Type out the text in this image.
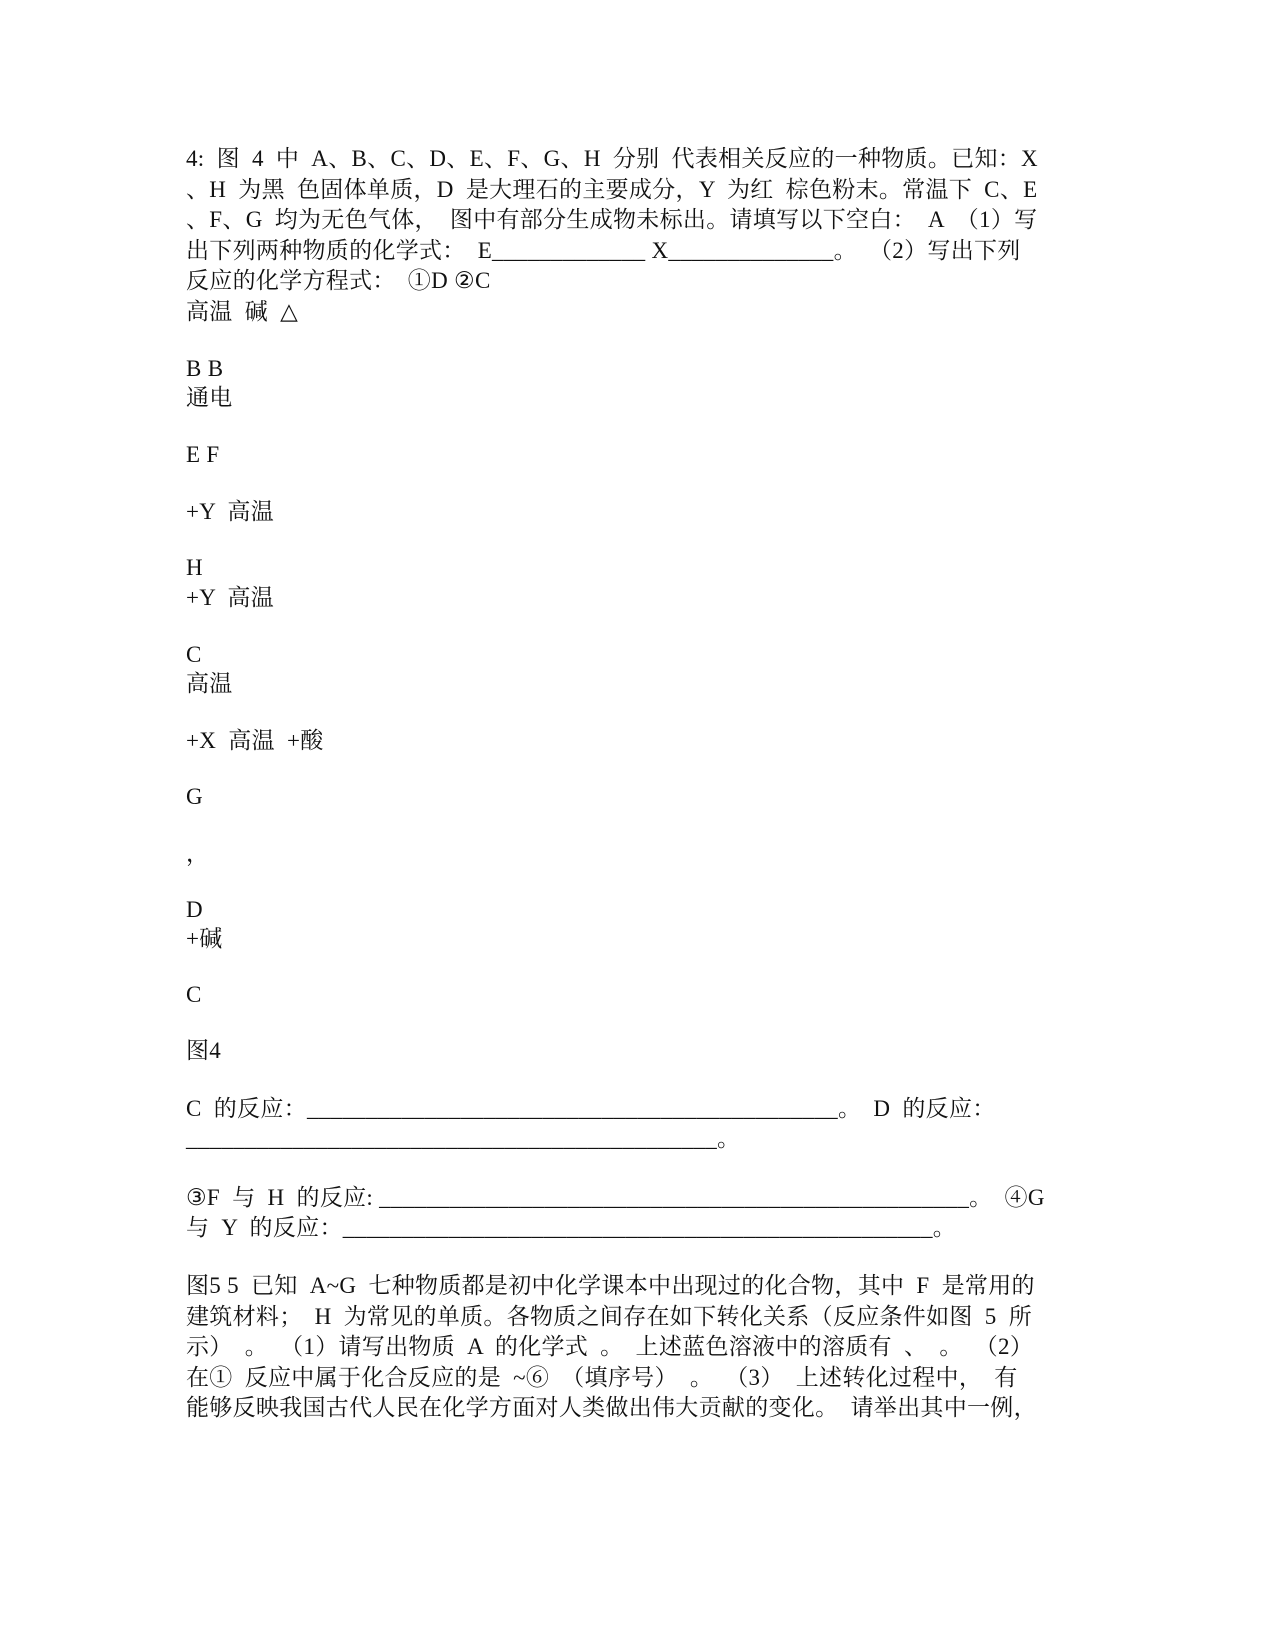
4:  图  4  中  A、B、C、D、E、F、G、H  分别  代表相关反应的一种物质。已知：X
、H  为黑  色固体单质，D  是大理石的主要成分，Y  为红  棕色粉末。常温下  C、E
、F、G  均为无色气体，  图中有部分生成物未标出。请填写以下空白：  A  （1）写
出下列两种物质的化学式：  E_____________ X______________。  （2）写出下列
反应的化学方程式：  ①D ②C
高温  碱  △
B B
通电
E F
+Y  高温
H
+Y  高温
C
高温
+X  高温  +酸
G
，
D
+碱
C
图4
C  的反应：_____________________________________________。  D  的反应：
_____________________________________________。
③F  与  H  的反应: __________________________________________________。  ④G
与  Y  的反应：__________________________________________________。
图5 5  已知  A~G  七种物质都是初中化学课本中出现过的化合物，其中  F  是常用的
建筑材料；  H  为常见的单质。各物质之间存在如下转化关系（反应条件如图  5  所
示）  。  （1）请写出物质  A  的化学式  。  上述蓝色溶液中的溶质有  、  。  （2）
在①  反应中属于化合反应的是  ~⑥  （填序号）  。  （3）  上述转化过程中，  有
能够反映我国古代人民在化学方面对人类做出伟大贡献的变化。  请举出其中一例，
